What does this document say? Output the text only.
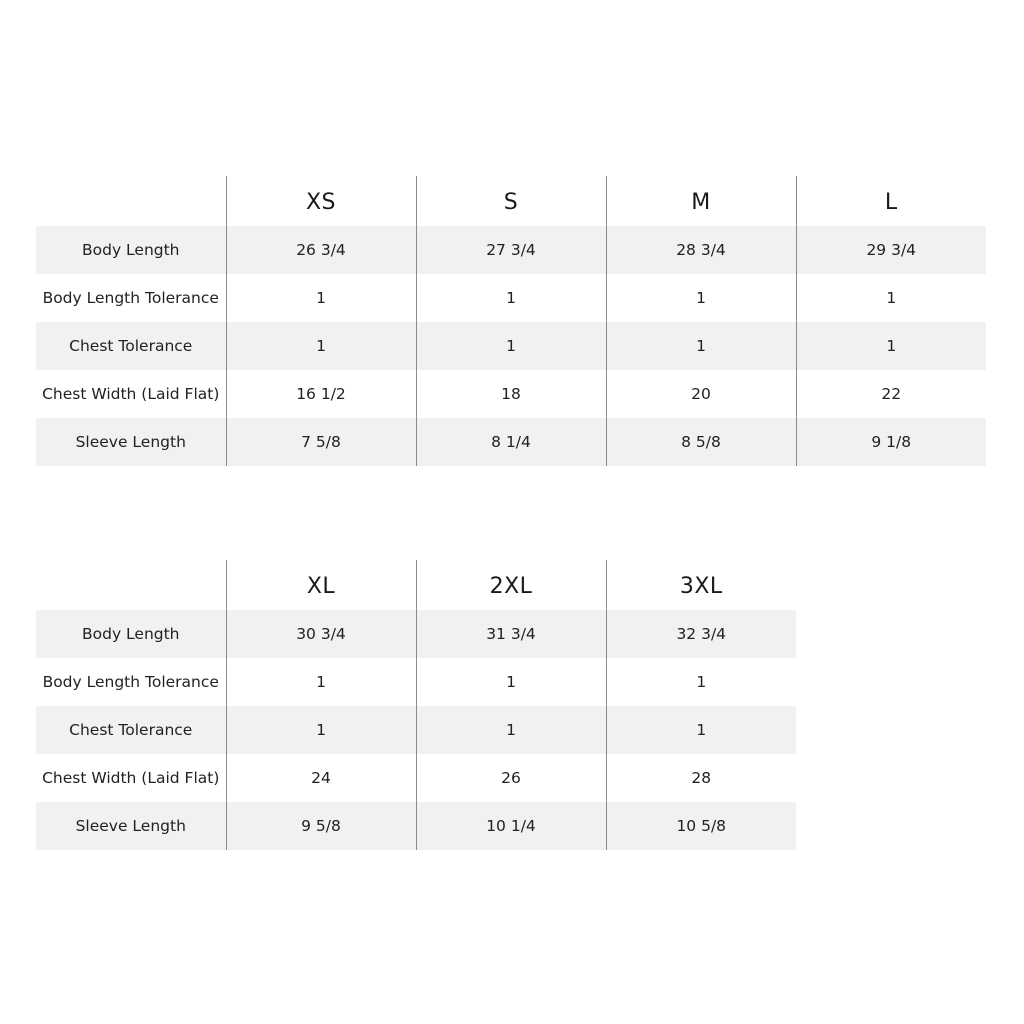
	XS	S	M	L
Body Length	26 3/4	27 3/4	28 3/4	29 3/4
Body Length Tolerance	1	1	1	1
Chest Tolerance	1	1	1	1
Chest Width (Laid Flat)	16 1/2	18	20	22
Sleeve Length	7 5/8	8 1/4	8 5/8	9 1/8
	XL	2XL	3XL
Body Length	30 3/4	31 3/4	32 3/4
Body Length Tolerance	1	1	1
Chest Tolerance	1	1	1
Chest Width (Laid Flat)	24	26	28
Sleeve Length	9 5/8	10 1/4	10 5/8
